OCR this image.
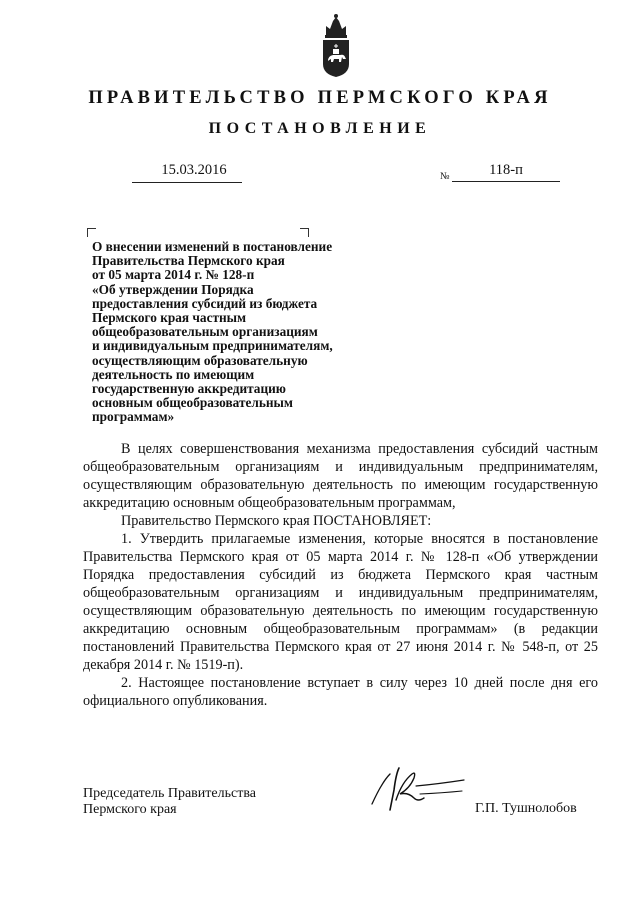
ПРАВИТЕЛЬСТВО ПЕРМСКОГО КРАЯ
ПОСТАНОВЛЕНИЕ
15.03.2016	№	118-п
О внесении изменений в постановление
Правительства Пермского края
от 05 марта 2014 г. № 128-п
«Об утверждении Порядка
предоставления субсидий из бюджета
Пермского края частным
общеобразовательным организациям
и индивидуальным предпринимателям,
осуществляющим образовательную
деятельность по имеющим
государственную аккредитацию
основным общеобразовательным
программам»

В целях совершенствования механизма предоставления субсидий частным общеобразовательным организациям и индивидуальным предпринимателям, осуществляющим образовательную деятельность по имеющим государственную аккредитацию основным общеобразовательным программам,

Правительство Пермского края ПОСТАНОВЛЯЕТ:

1. Утвердить прилагаемые изменения, которые вносятся в постановление Правительства Пермского края от 05 марта 2014 г. № 128-п «Об утверждении Порядка предоставления субсидий из бюджета Пермского края частным общеобразовательным организациям и индивидуальным предпринимателям, осуществляющим образовательную деятельность по имеющим государственную аккредитацию основным общеобразовательным программам» (в редакции постановлений Правительства Пермского края от 27 июня 2014 г. № 548-п, от 25 декабря 2014 г. № 1519-п).

2. Настоящее постановление вступает в силу через 10 дней после дня его официального опубликования.

Председатель Правительства
Пермского края	Г.П. Тушнолобов
